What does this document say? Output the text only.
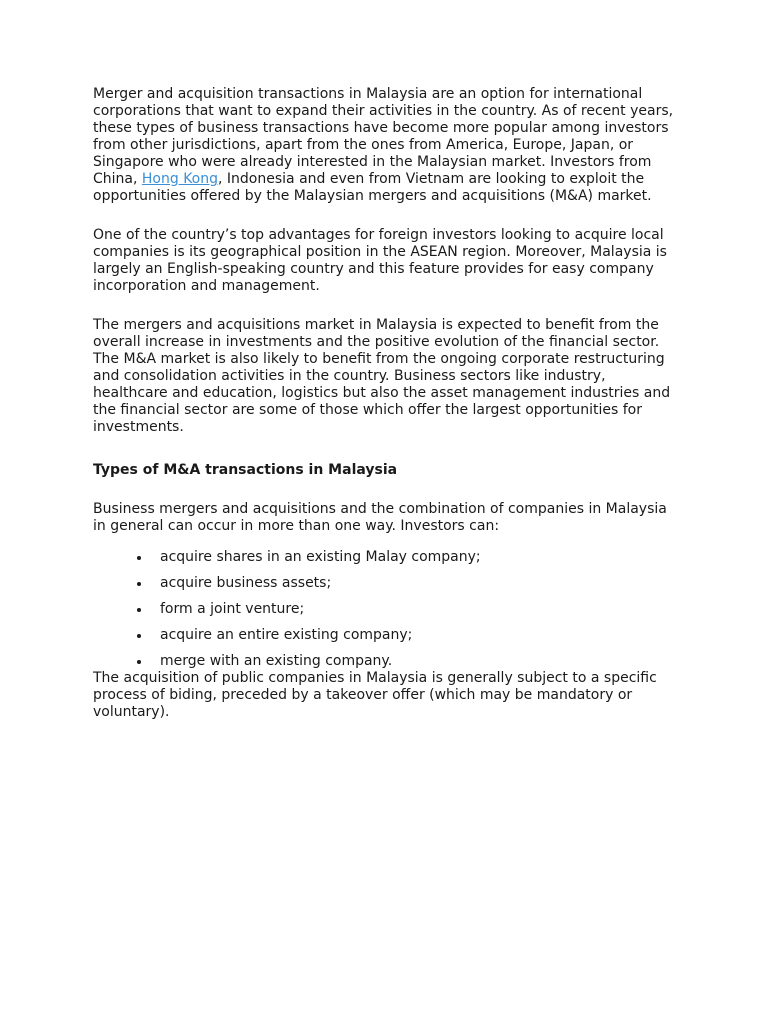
Merger and acquisition transactions in Malaysia are an option for international corporations that want to expand their activities in the country. As of recent years, these types of business transactions have become more popular among investors from other jurisdictions, apart from the ones from America, Europe, Japan, or Singapore who were already interested in the Malaysian market. Investors from China, Hong Kong, Indonesia and even from Vietnam are looking to exploit the opportunities offered by the Malaysian mergers and acquisitions (M&A) market.

One of the country’s top advantages for foreign investors looking to acquire local companies is its geographical position in the ASEAN region. Moreover, Malaysia is largely an English-speaking country and this feature provides for easy company incorporation and management.

The mergers and acquisitions market in Malaysia is expected to benefit from the overall increase in investments and the positive evolution of the financial sector. The M&A market is also likely to benefit from the ongoing corporate restructuring and consolidation activities in the country. Business sectors like industry, healthcare and education, logistics but also the asset management industries and the financial sector are some of those which offer the largest opportunities for investments.

Types of M&A transactions in Malaysia

Business mergers and acquisitions and the combination of companies in Malaysia in general can occur in more than one way. Investors can:

acquire shares in an existing Malay company;
acquire business assets;
form a joint venture;
acquire an entire existing company;
merge with an existing company.

The acquisition of public companies in Malaysia is generally subject to a specific process of biding, preceded by a takeover offer (which may be mandatory or voluntary).
